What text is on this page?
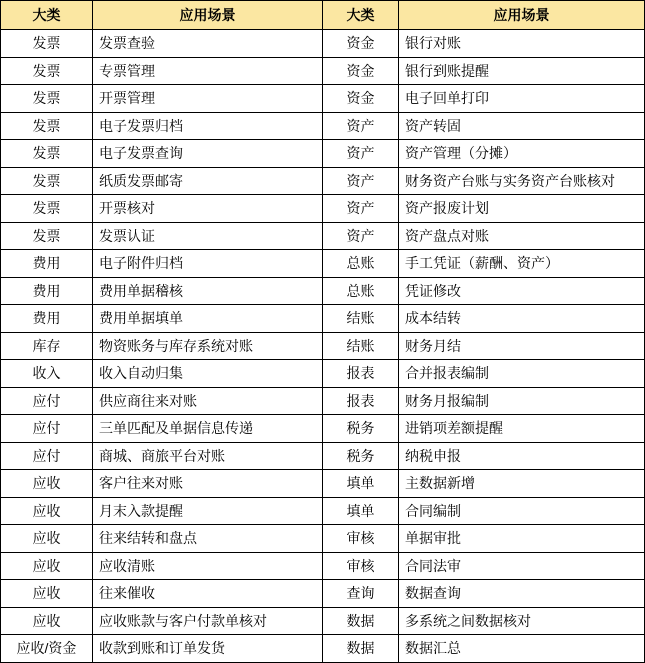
大类	应用场景	大类	应用场景
发票	发票查验	资金	银行对账
发票	专票管理	资金	银行到账提醒
发票	开票管理	资金	电子回单打印
发票	电子发票归档	资产	资产转固
发票	电子发票查询	资产	资产管理（分摊）
发票	纸质发票邮寄	资产	财务资产台账与实务资产台账核对
发票	开票核对	资产	资产报废计划
发票	发票认证	资产	资产盘点对账
费用	电子附件归档	总账	手工凭证（薪酬、资产）
费用	费用单据稽核	总账	凭证修改
费用	费用单据填单	结账	成本结转
库存	物资账务与库存系统对账	结账	财务月结
收入	收入自动归集	报表	合并报表编制
应付	供应商往来对账	报表	财务月报编制
应付	三单匹配及单据信息传递	税务	进销项差额提醒
应付	商城、商旅平台对账	税务	纳税申报
应收	客户往来对账	填单	主数据新增
应收	月末入款提醒	填单	合同编制
应收	往来结转和盘点	审核	单据审批
应收	应收清账	审核	合同法审
应收	往来催收	查询	数据查询
应收	应收账款与客户付款单核对	数据	多系统之间数据核对
应收/资金	收款到账和订单发货	数据	数据汇总
